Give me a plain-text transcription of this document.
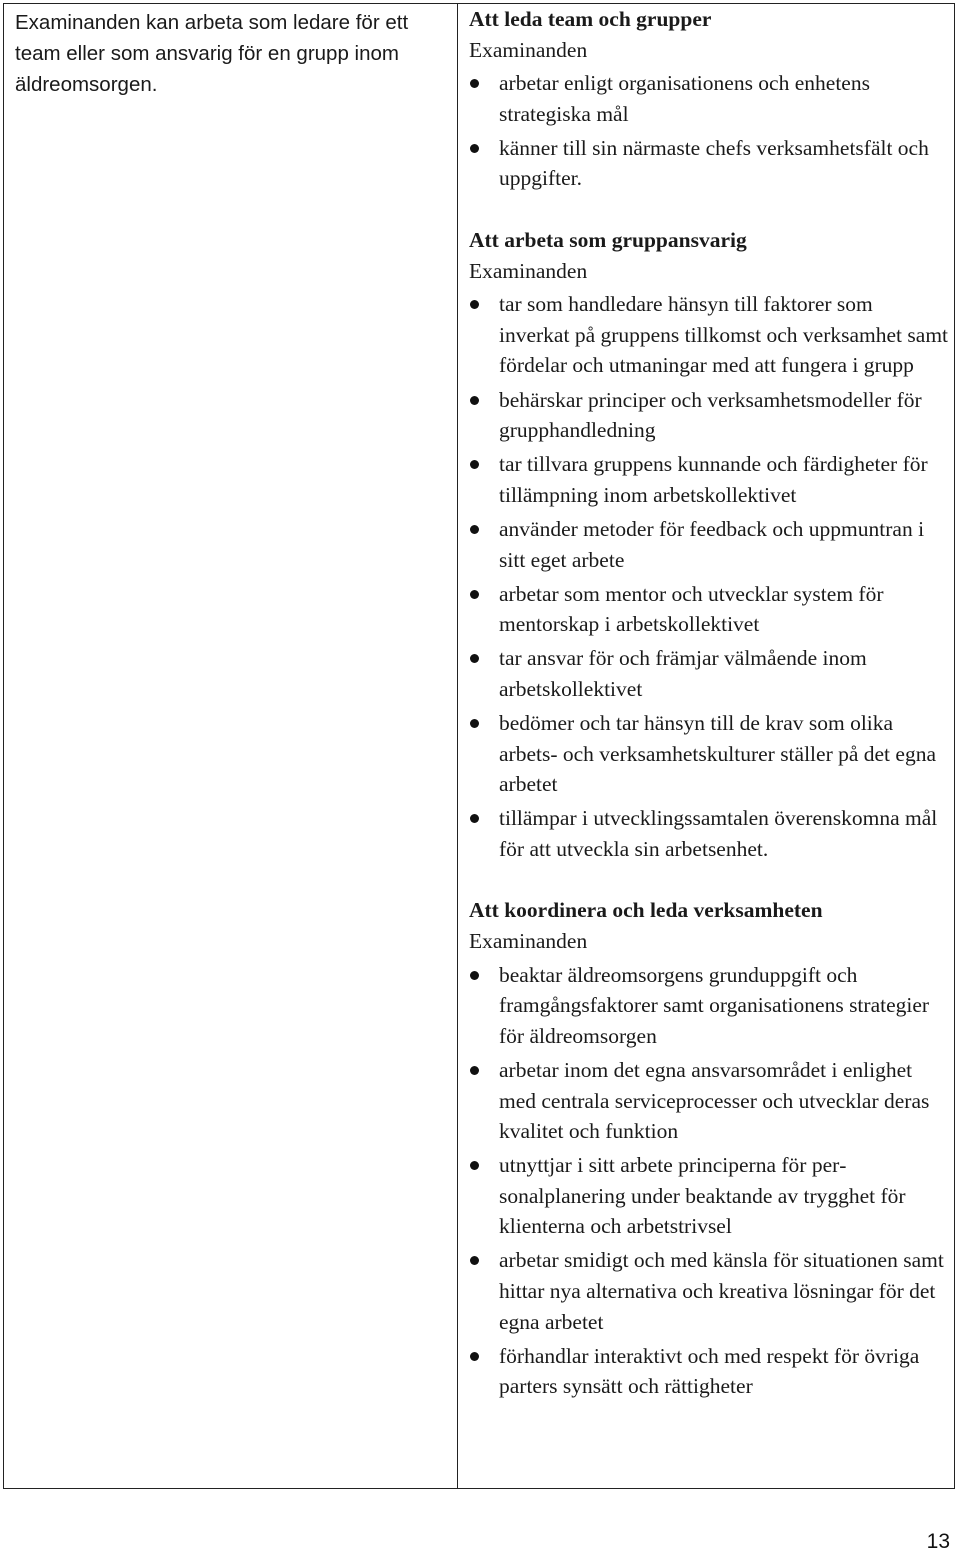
Examinanden kan arbeta som ledare för ett team eller som ansvarig för en grupp inom äldreomsorgen.
Att leda team och grupper
Examinanden
arbetar enligt organisationens och enhetens strategiska mål
känner till sin närmaste chefs verksamhetsfält och uppgifter.
Att arbeta som gruppansvarig
Examinanden
tar som handledare hänsyn till faktorer som inverkat på gruppens tillkomst och verksamhet samt fördelar och utmaningar med att fungera i grupp
behärskar principer och verksamhetsmodeller för grupphandledning
tar tillvara gruppens kunnande och färdigheter för tillämpning inom arbetskollektivet
använder metoder för feedback och uppmuntran i sitt eget arbete
arbetar som mentor och utvecklar system för mentorskap i arbetskollektivet
tar ansvar för och främjar välmående inom arbetskollektivet
bedömer och tar hänsyn till de krav som olika arbets- och verksamhetskulturer ställer på det egna arbetet
tillämpar i utvecklingssamtalen överenskomna mål för att utveckla sin arbetsenhet.
Att koordinera och leda verksamheten
Examinanden
beaktar äldreomsorgens grunduppgift och framgångsfaktorer samt organisationens strategier för äldreomsorgen
arbetar inom det egna ansvarsområdet i enlighet med centrala serviceprocesser och utvecklar deras kvalitet och funktion
utnyttjar i sitt arbete principerna för personalplanering under beaktande av trygghet för klienterna och arbetstrivsel
arbetar smidigt och med känsla för situationen samt hittar nya alternativa och kreativa lösningar för det egna arbetet
förhandlar interaktivt och med respekt för övriga parters synsätt och rättigheter
13
